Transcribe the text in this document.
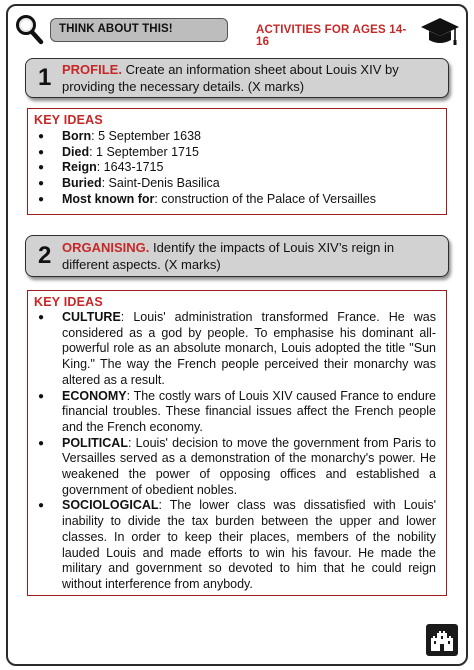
THINK ABOUT THIS!	ACTIVITIES FOR AGES 14-16
1 PROFILE. Create an information sheet about Louis XIV by providing the necessary details. (X marks)
KEY IDEAS
● Born: 5 September 1638
● Died: 1 September 1715
● Reign: 1643-1715
● Buried: Saint-Denis Basilica
● Most known for: construction of the Palace of Versailles
2 ORGANISING. Identify the impacts of Louis XIV’s reign in different aspects. (X marks)
KEY IDEAS
● CULTURE: Louis' administration transformed France. He was considered as a god by people. To emphasise his dominant all-powerful role as an absolute monarch, Louis adopted the title "Sun King." The way the French people perceived their monarchy was altered as a result.
● ECONOMY: The costly wars of Louis XIV caused France to endure financial troubles. These financial issues affect the French people and the French economy.
● POLITICAL: Louis' decision to move the government from Paris to Versailles served as a demonstration of the monarchy's power. He weakened the power of opposing offices and established a government of obedient nobles.
● SOCIOLOGICAL: The lower class was dissatisfied with Louis' inability to divide the tax burden between the upper and lower classes. In order to keep their places, members of the nobility lauded Louis and made efforts to win his favour. He made the military and government so devoted to him that he could reign without interference from anybody.
